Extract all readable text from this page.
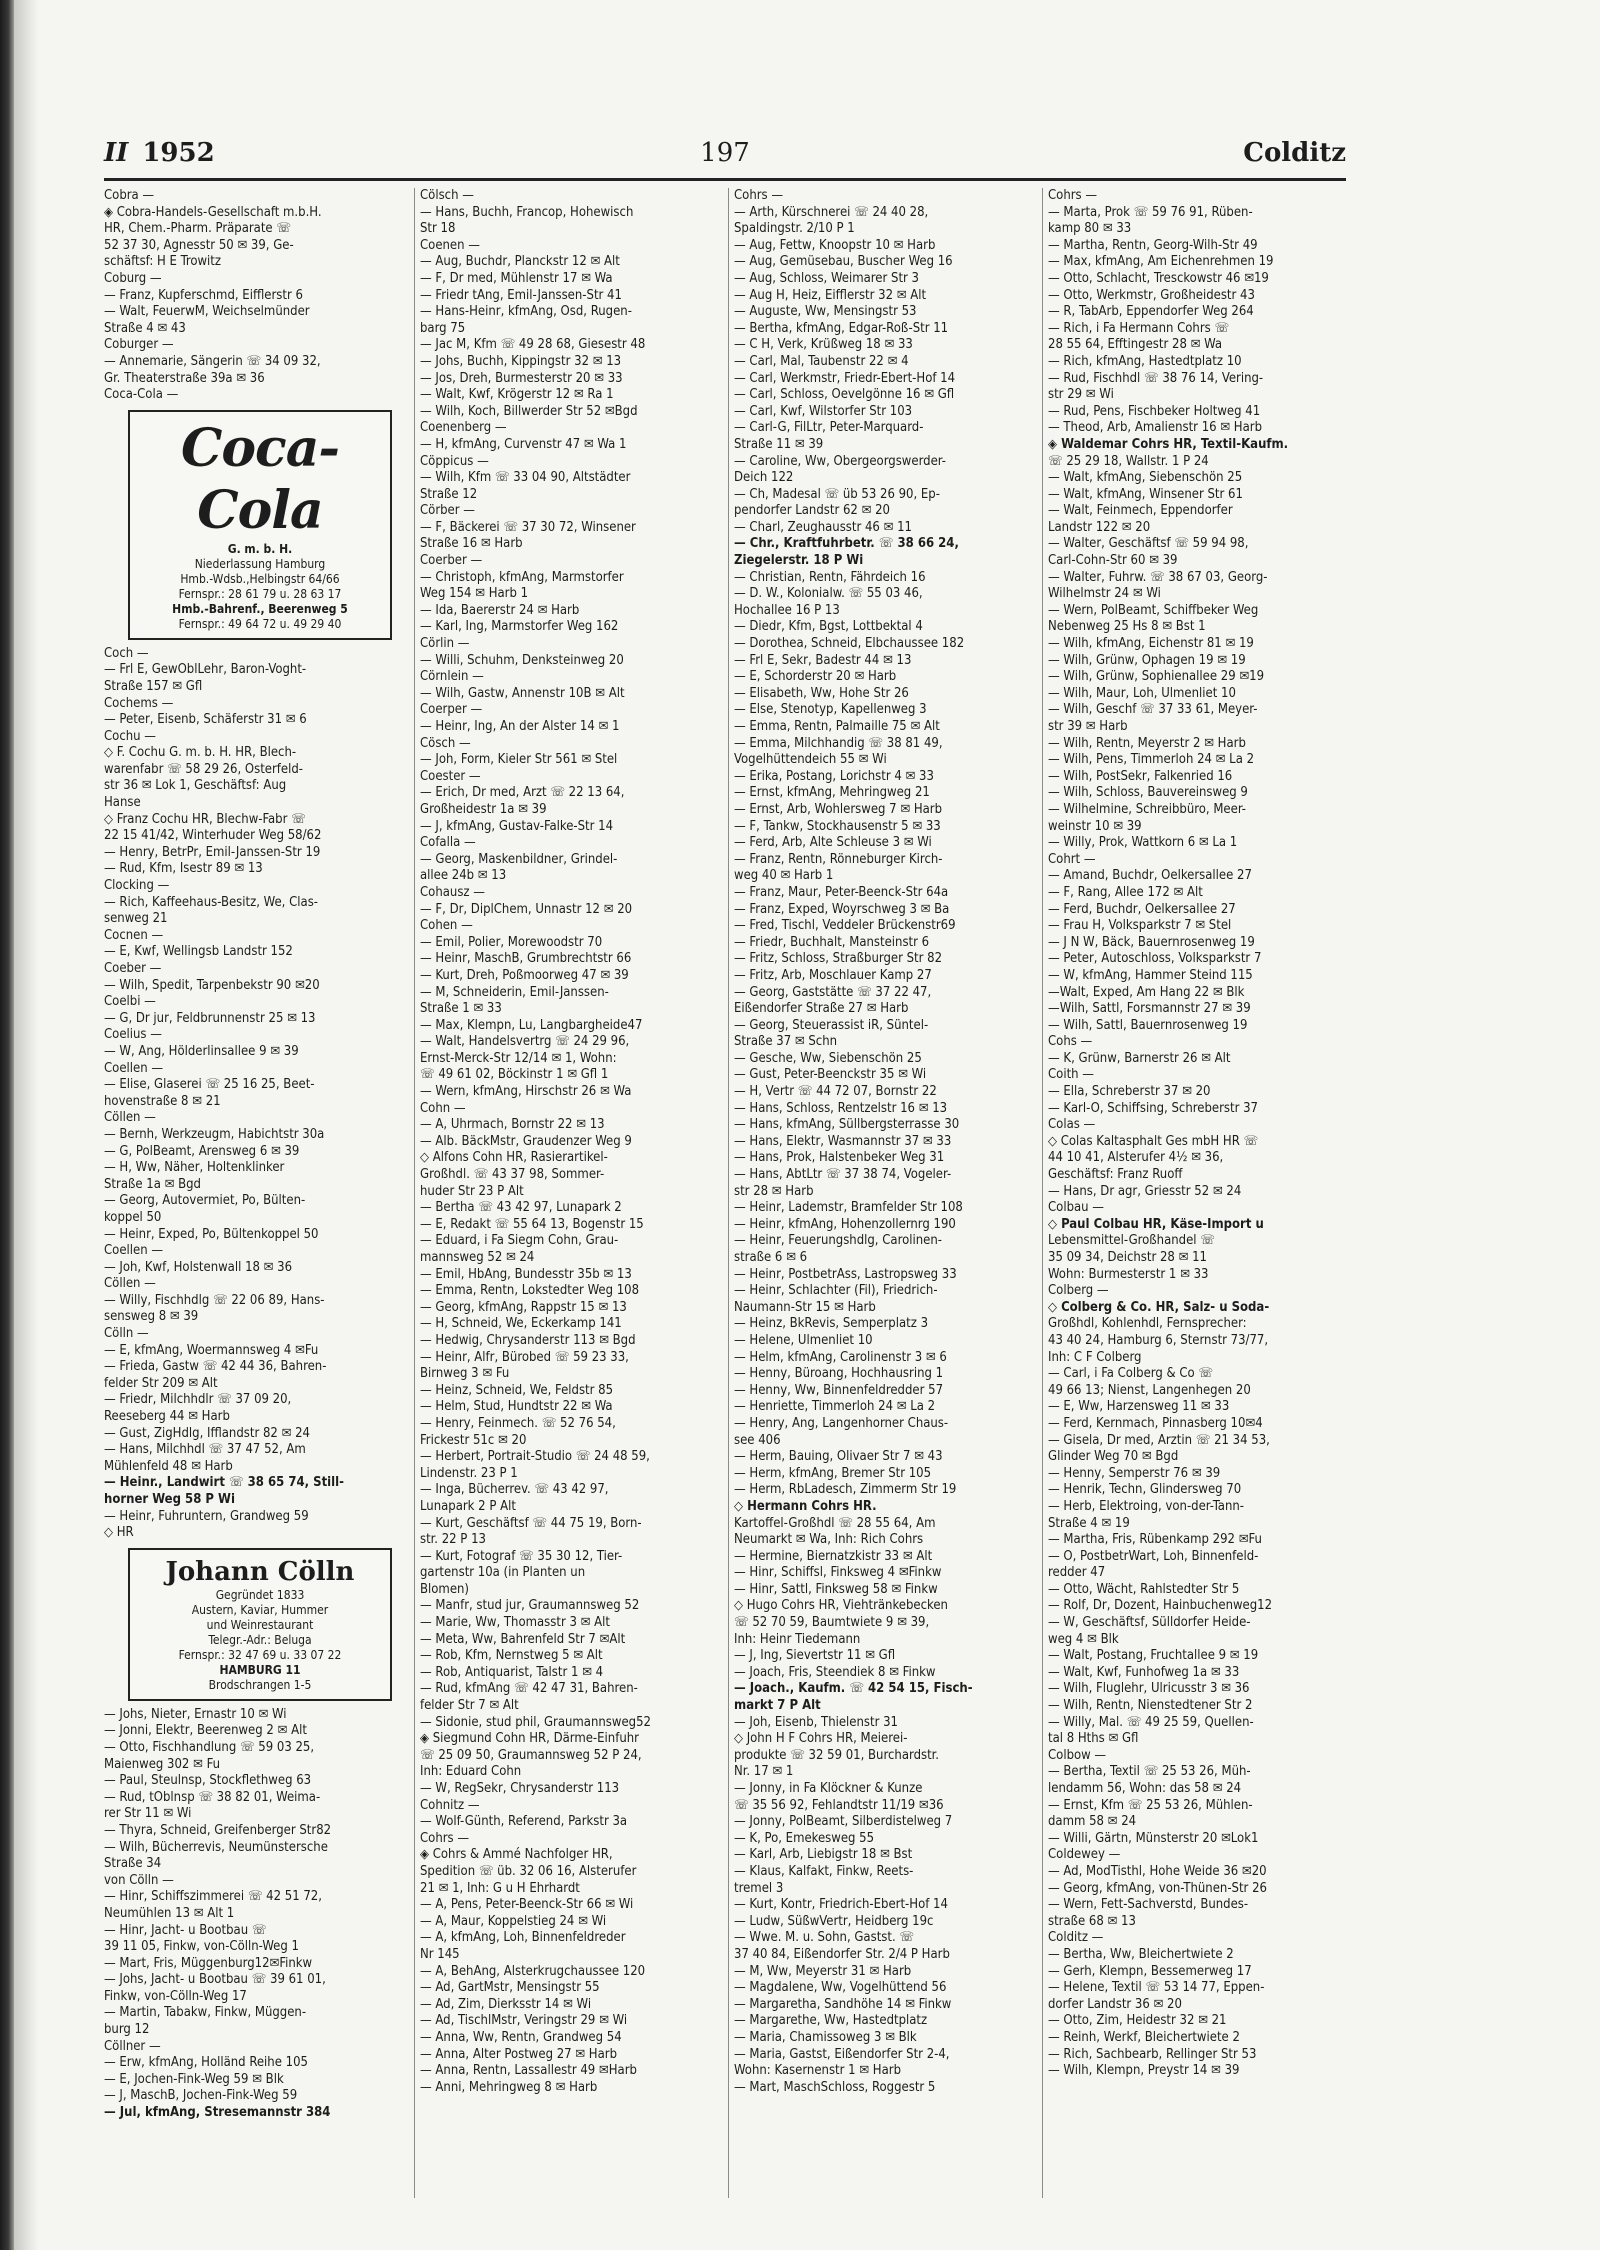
II 1952	197	Colditz
Cobra —
◈ Cobra-Handels-Gesellschaft m.b.H.
HR, Chem.-Pharm. Präparate ☏
52 37 30, Agnesstr 50 ✉ 39, Ge-
schäftsf: H E Trowitz
Coburg —
— Franz, Kupferschmd, Eifflerstr 6
— Walt, FeuerwM, Weichselmünder
Straße 4 ✉ 43
Coburger —
— Annemarie, Sängerin ☏ 34 09 32,
Gr. Theaterstraße 39a ✉ 36
Coca-Cola —
Coca-Cola
G. m. b. H.
Niederlassung Hamburg
Hmb.-Wdsb.,Helbingstr 64/66
Fernspr.: 28 61 79 u. 28 63 17
Hmb.-Bahrenf., Beerenweg 5
Fernspr.: 49 64 72 u. 49 29 40
Coch —
— Frl E, GewOblLehr, Baron-Voght-
Straße 157 ✉ Gfl
Cochems —
— Peter, Eisenb, Schäferstr 31 ✉ 6
Cochu —
◇ F. Cochu G. m. b. H. HR, Blech-
warenfabr ☏ 58 29 26, Osterfeld-
str 36 ✉ Lok 1, Geschäftsf: Aug
Hanse
◇ Franz Cochu HR, Blechw-Fabr ☏
22 15 41/42, Winterhuder Weg 58/62
— Henry, BetrPr, Emil-Janssen-Str 19
— Rud, Kfm, Isestr 89 ✉ 13
Clocking —
— Rich, Kaffeehaus-Besitz, We, Clas-
senweg 21
Cocnen —
— E, Kwf, Wellingsb Landstr 152
Coeber —
— Wilh, Spedit, Tarpenbekstr 90 ✉20
Coelbi —
— G, Dr jur, Feldbrunnenstr 25 ✉ 13
Coelius —
— W, Ang, Hölderlinsallee 9 ✉ 39
Coellen —
— Elise, Glaserei ☏ 25 16 25, Beet-
hovenstraße 8 ✉ 21
Cöllen —
— Bernh, Werkzeugm, Habichtstr 30a
— G, PolBeamt, Arensweg 6 ✉ 39
— H, Ww, Näher, Holtenklinker
Straße 1a ✉ Bgd
— Georg, Autovermiet, Po, Bülten-
koppel 50
— Heinr, Exped, Po, Bültenkoppel 50
Coellen —
— Joh, Kwf, Holstenwall 18 ✉ 36
Cöllen —
— Willy, Fischhdlg ☏ 22 06 89, Hans-
sensweg 8 ✉ 39
Cölln —
— E, kfmAng, Woermannsweg 4 ✉Fu
— Frieda, Gastw ☏ 42 44 36, Bahren-
felder Str 209 ✉ Alt
— Friedr, Milchhdlr ☏ 37 09 20,
Reeseberg 44 ✉ Harb
— Gust, ZigHdlg, Ifflandstr 82 ✉ 24
— Hans, Milchhdl ☏ 37 47 52, Am
Mühlenfeld 48 ✉ Harb
— Heinr., Landwirt ☏ 38 65 74, Still-
horner Weg 58 P Wi
— Heinr, Fuhruntern, Grandweg 59
◇ HR
Johann Cölln
Gegründet 1833
Austern, Kaviar, Hummer
und Weinrestaurant
Telegr.-Adr.: Beluga
Fernspr.: 32 47 69 u. 33 07 22
HAMBURG 11
Brodschrangen 1-5
— Johs, Nieter, Ernastr 10 ✉ Wi
— Jonni, Elektr, Beerenweg 2 ✉ Alt
— Otto, Fischhandlung ☏ 59 03 25,
Maienweg 302 ✉ Fu
— Paul, Steulnsp, Stockflethweg 63
— Rud, tOblnsp ☏ 38 82 01, Weima-
rer Str 11 ✉ Wi
— Thyra, Schneid, Greifenberger Str82
— Wilh, Bücherrevis, Neumünstersche
Straße 34
von Cölln —
— Hinr, Schiffszimmerei ☏ 42 51 72,
Neumühlen 13 ✉ Alt 1
— Hinr, Jacht- u Bootbau ☏
39 11 05, Finkw, von-Cölln-Weg 1
— Mart, Fris, Müggenburg12✉Finkw
— Johs, Jacht- u Bootbau ☏ 39 61 01,
Finkw, von-Cölln-Weg 17
— Martin, Tabakw, Finkw, Müggen-
burg 12
Cöllner —
— Erw, kfmAng, Holländ Reihe 105
— E, Jochen-Fink-Weg 59 ✉ Blk
— J, MaschB, Jochen-Fink-Weg 59
— Jul, kfmAng, Stresemannstr 384
Cölsch —
— Hans, Buchh, Francop, Hohewisch
Str 18
Coenen —
— Aug, Buchdr, Planckstr 12 ✉ Alt
— F, Dr med, Mühlenstr 17 ✉ Wa
— Friedr tAng, Emil-Janssen-Str 41
— Hans-Heinr, kfmAng, Osd, Rugen-
barg 75
— Jac M, Kfm ☏ 49 28 68, Giesestr 48
— Johs, Buchh, Kippingstr 32 ✉ 13
— Jos, Dreh, Burmesterstr 20 ✉ 33
— Walt, Kwf, Krögerstr 12 ✉ Ra 1
— Wilh, Koch, Billwerder Str 52 ✉Bgd
Coenenberg —
— H, kfmAng, Curvenstr 47 ✉ Wa 1
Cöppicus —
— Wilh, Kfm ☏ 33 04 90, Altstädter
Straße 12
Cörber —
— F, Bäckerei ☏ 37 30 72, Winsener
Straße 16 ✉ Harb
Coerber —
— Christoph, kfmAng, Marmstorfer
Weg 154 ✉ Harb 1
— Ida, Baererstr 24 ✉ Harb
— Karl, Ing, Marmstorfer Weg 162
Cörlin —
— Willi, Schuhm, Denksteinweg 20
Cörnlein —
— Wilh, Gastw, Annenstr 10B ✉ Alt
Coerper —
— Heinr, Ing, An der Alster 14 ✉ 1
Cösch —
— Joh, Form, Kieler Str 561 ✉ Stel
Coester —
— Erich, Dr med, Arzt ☏ 22 13 64,
Großheidestr 1a ✉ 39
— J, kfmAng, Gustav-Falke-Str 14
Cofalla —
— Georg, Maskenbildner, Grindel-
allee 24b ✉ 13
Cohausz —
— F, Dr, DiplChem, Unnastr 12 ✉ 20
Cohen —
— Emil, Polier, Morewoodstr 70
— Heinr, MaschB, Grumbrechtstr 66
— Kurt, Dreh, Poßmoorweg 47 ✉ 39
— M, Schneiderin, Emil-Janssen-
Straße 1 ✉ 33
— Max, Klempn, Lu, Langbargheide47
— Walt, Handelsvertrg ☏ 24 29 96,
Ernst-Merck-Str 12/14 ✉ 1, Wohn:
☏ 49 61 02, Böckinstr 1 ✉ Gfl 1
— Wern, kfmAng, Hirschstr 26 ✉ Wa
Cohn —
— A, Uhrmach, Bornstr 22 ✉ 13
— Alb. BäckMstr, Graudenzer Weg 9
◇ Alfons Cohn HR, Rasierartikel-
Großhdl. ☏ 43 37 98, Sommer-
huder Str 23 P Alt
— Bertha ☏ 43 42 97, Lunapark 2
— E, Redakt ☏ 55 64 13, Bogenstr 15
— Eduard, i Fa Siegm Cohn, Grau-
mannsweg 52 ✉ 24
— Emil, HbAng, Bundesstr 35b ✉ 13
— Emma, Rentn, Lokstedter Weg 108
— Georg, kfmAng, Rappstr 15 ✉ 13
— H, Schneid, We, Eckerkamp 141
— Hedwig, Chrysanderstr 113 ✉ Bgd
— Heinr, Alfr, Bürobed ☏ 59 23 33,
Birnweg 3 ✉ Fu
— Heinz, Schneid, We, Feldstr 85
— Helm, Stud, Hundtstr 22 ✉ Wa
— Henry, Feinmech. ☏ 52 76 54,
Frickestr 51c ✉ 20
— Herbert, Portrait-Studio ☏ 24 48 59,
Lindenstr. 23 P 1
— Inga, Bücherrev. ☏ 43 42 97,
Lunapark 2 P Alt
— Kurt, Geschäftsf ☏ 44 75 19, Born-
str. 22 P 13
— Kurt, Fotograf ☏ 35 30 12, Tier-
gartenstr 10a (in Planten un
Blomen)
— Manfr, stud jur, Graumannsweg 52
— Marie, Ww, Thomasstr 3 ✉ Alt
— Meta, Ww, Bahrenfeld Str 7 ✉Alt
— Rob, Kfm, Nernstweg 5 ✉ Alt
— Rob, Antiquarist, Talstr 1 ✉ 4
— Rud, kfmAng ☏ 42 47 31, Bahren-
felder Str 7 ✉ Alt
— Sidonie, stud phil, Graumannsweg52
◈ Siegmund Cohn HR, Därme-Einfuhr
☏ 25 09 50, Graumannsweg 52 P 24,
Inh: Eduard Cohn
— W, RegSekr, Chrysanderstr 113
Cohnitz —
— Wolf-Günth, Referend, Parkstr 3a
Cohrs —
◈ Cohrs & Ammé Nachfolger HR,
Spedition ☏ üb. 32 06 16, Alsterufer
21 ✉ 1, Inh: G u H Ehrhardt
— A, Pens, Peter-Beenck-Str 66 ✉ Wi
— A, Maur, Koppelstieg 24 ✉ Wi
— A, kfmAng, Loh, Binnenfeldreder
Nr 145
— A, BehAng, Alsterkrugchaussee 120
— Ad, GartMstr, Mensingstr 55
— Ad, Zim, Dierksstr 14 ✉ Wi
— Ad, TischlMstr, Veringstr 29 ✉ Wi
— Anna, Ww, Rentn, Grandweg 54
— Anna, Alter Postweg 27 ✉ Harb
— Anna, Rentn, Lassallestr 49 ✉Harb
— Anni, Mehringweg 8 ✉ Harb
Cohrs —
— Arth, Kürschnerei ☏ 24 40 28,
Spaldingstr. 2/10 P 1
— Aug, Fettw, Knoopstr 10 ✉ Harb
— Aug, Gemüsebau, Buscher Weg 16
— Aug, Schloss, Weimarer Str 3
— Aug H, Heiz, Eifflerstr 32 ✉ Alt
— Auguste, Ww, Mensingstr 53
— Bertha, kfmAng, Edgar-Roß-Str 11
— C H, Verk, Krüßweg 18 ✉ 33
— Carl, Mal, Taubenstr 22 ✉ 4
— Carl, Werkmstr, Friedr-Ebert-Hof 14
— Carl, Schloss, Oevelgönne 16 ✉ Gfl
— Carl, Kwf, Wilstorfer Str 103
— Carl-G, FilLtr, Peter-Marquard-
Straße 11 ✉ 39
— Caroline, Ww, Obergeorgswerder-
Deich 122
— Ch, Madesal ☏ üb 53 26 90, Ep-
pendorfer Landstr 62 ✉ 20
— Charl, Zeughausstr 46 ✉ 11
— Chr., Kraftfuhrbetr. ☏ 38 66 24,
Ziegelerstr. 18 P Wi
— Christian, Rentn, Fährdeich 16
— D. W., Kolonialw. ☏ 55 03 46,
Hochallee 16 P 13
— Diedr, Kfm, Bgst, Lottbektal 4
— Dorothea, Schneid, Elbchaussee 182
— Frl E, Sekr, Badestr 44 ✉ 13
— E, Schorderstr 20 ✉ Harb
— Elisabeth, Ww, Hohe Str 26
— Else, Stenotyp, Kapellenweg 3
— Emma, Rentn, Palmaille 75 ✉ Alt
— Emma, Milchhandig ☏ 38 81 49,
Vogelhüttendeich 55 ✉ Wi
— Erika, Postang, Lorichstr 4 ✉ 33
— Ernst, kfmAng, Mehringweg 21
— Ernst, Arb, Wohlersweg 7 ✉ Harb
— F, Tankw, Stockhausenstr 5 ✉ 33
— Ferd, Arb, Alte Schleuse 3 ✉ Wi
— Franz, Rentn, Rönneburger Kirch-
weg 40 ✉ Harb 1
— Franz, Maur, Peter-Beenck-Str 64a
— Franz, Exped, Woyrschweg 3 ✉ Ba
— Fred, Tischl, Veddeler Brückenstr69
— Friedr, Buchhalt, Mansteinstr 6
— Fritz, Schloss, Straßburger Str 82
— Fritz, Arb, Moschlauer Kamp 27
— Georg, Gaststätte ☏ 37 22 47,
Eißendorfer Straße 27 ✉ Harb
— Georg, Steuerassist iR, Süntel-
Straße 37 ✉ Schn
— Gesche, Ww, Siebenschön 25
— Gust, Peter-Beenckstr 35 ✉ Wi
— H, Vertr ☏ 44 72 07, Bornstr 22
— Hans, Schloss, Rentzelstr 16 ✉ 13
— Hans, kfmAng, Süllbergsterrasse 30
— Hans, Elektr, Wasmannstr 37 ✉ 33
— Hans, Prok, Halstenbeker Weg 31
— Hans, AbtLtr ☏ 37 38 74, Vogeler-
str 28 ✉ Harb
— Heinr, Lademstr, Bramfelder Str 108
— Heinr, kfmAng, Hohenzollernrg 190
— Heinr, Feuerungshdlg, Carolinen-
straße 6 ✉ 6
— Heinr, PostbetrAss, Lastropsweg 33
— Heinr, Schlachter (Fil), Friedrich-
Naumann-Str 15 ✉ Harb
— Heinz, BkRevis, Semperplatz 3
— Helene, Ulmenliet 10
— Helm, kfmAng, Carolinenstr 3 ✉ 6
— Henny, Büroang, Hochhausring 1
— Henny, Ww, Binnenfeldredder 57
— Henriette, Timmerloh 24 ✉ La 2
— Henry, Ang, Langenhorner Chaus-
see 406
— Herm, Bauing, Olivaer Str 7 ✉ 43
— Herm, kfmAng, Bremer Str 105
— Herm, RbLadesch, Zimmerm Str 19
◇ Hermann Cohrs HR.
Kartoffel-Großhdl ☏ 28 55 64, Am
Neumarkt ✉ Wa, Inh: Rich Cohrs
— Hermine, Biernatzkistr 33 ✉ Alt
— Hinr, Schiffsl, Finksweg 4 ✉Finkw
— Hinr, Sattl, Finksweg 58 ✉ Finkw
◇ Hugo Cohrs HR, Viehtränkebecken
☏ 52 70 59, Baumtwiete 9 ✉ 39,
Inh: Heinr Tiedemann
— J, Ing, Sievertstr 11 ✉ Gfl
— Joach, Fris, Steendiek 8 ✉ Finkw
— Joach., Kaufm. ☏ 42 54 15, Fisch-
markt 7 P Alt
— Joh, Eisenb, Thielenstr 31
◇ John H F Cohrs HR, Meierei-
produkte ☏ 32 59 01, Burchardstr.
Nr. 17 ✉ 1
— Jonny, in Fa Klöckner & Kunze
☏ 35 56 92, Fehlandtstr 11/19 ✉36
— Jonny, PolBeamt, Silberdistelweg 7
— K, Po, Emekesweg 55
— Karl, Arb, Liebigstr 18 ✉ Bst
— Klaus, Kalfakt, Finkw, Reets-
tremel 3
— Kurt, Kontr, Friedrich-Ebert-Hof 14
— Ludw, SüßwVertr, Heidberg 19c
— Wwe. M. u. Sohn, Gastst. ☏
37 40 84, Eißendorfer Str. 2/4 P Harb
— M, Ww, Meyerstr 31 ✉ Harb
— Magdalene, Ww, Vogelhüttend 56
— Margaretha, Sandhöhe 14 ✉ Finkw
— Margarethe, Ww, Hastedtplatz
— Maria, Chamissoweg 3 ✉ Blk
— Maria, Gastst, Eißendorfer Str 2-4,
Wohn: Kasernenstr 1 ✉ Harb
— Mart, MaschSchloss, Roggestr 5
Cohrs —
— Marta, Prok ☏ 59 76 91, Rüben-
kamp 80 ✉ 33
— Martha, Rentn, Georg-Wilh-Str 49
— Max, kfmAng, Am Eichenrehmen 19
— Otto, Schlacht, Tresckowstr 46 ✉19
— Otto, Werkmstr, Großheidestr 43
— R, TabArb, Eppendorfer Weg 264
— Rich, i Fa Hermann Cohrs ☏
28 55 64, Efftingestr 28 ✉ Wa
— Rich, kfmAng, Hastedtplatz 10
— Rud, Fischhdl ☏ 38 76 14, Vering-
str 29 ✉ Wi
— Rud, Pens, Fischbeker Holtweg 41
— Theod, Arb, Amalienstr 16 ✉ Harb
◈ Waldemar Cohrs HR, Textil-Kaufm.
☏ 25 29 18, Wallstr. 1 P 24
— Walt, kfmAng, Siebenschön 25
— Walt, kfmAng, Winsener Str 61
— Walt, Feinmech, Eppendorfer
Landstr 122 ✉ 20
— Walter, Geschäftsf ☏ 59 94 98,
Carl-Cohn-Str 60 ✉ 39
— Walter, Fuhrw. ☏ 38 67 03, Georg-
Wilhelmstr 24 ✉ Wi
— Wern, PolBeamt, Schiffbeker Weg
Nebenweg 25 Hs 8 ✉ Bst 1
— Wilh, kfmAng, Eichenstr 81 ✉ 19
— Wilh, Grünw, Ophagen 19 ✉ 19
— Wilh, Grünw, Sophienallee 29 ✉19
— Wilh, Maur, Loh, Ulmenliet 10
— Wilh, Geschf ☏ 37 33 61, Meyer-
str 39 ✉ Harb
— Wilh, Rentn, Meyerstr 2 ✉ Harb
— Wilh, Pens, Timmerloh 24 ✉ La 2
— Wilh, PostSekr, Falkenried 16
— Wilh, Schloss, Bauvereinsweg 9
— Wilhelmine, Schreibbüro, Meer-
weinstr 10 ✉ 39
— Willy, Prok, Wattkorn 6 ✉ La 1
Cohrt —
— Amand, Buchdr, Oelkersallee 27
— F, Rang, Allee 172 ✉ Alt
— Ferd, Buchdr, Oelkersallee 27
— Frau H, Volksparkstr 7 ✉ Stel
— J N W, Bäck, Bauernrosenweg 19
— Peter, Autoschloss, Volksparkstr 7
— W, kfmAng, Hammer Steind 115
—Walt, Exped, Am Hang 22 ✉ Blk
—Wilh, Sattl, Forsmannstr 27 ✉ 39
— Wilh, Sattl, Bauernrosenweg 19
Cohs —
— K, Grünw, Barnerstr 26 ✉ Alt
Coith —
— Ella, Schreberstr 37 ✉ 20
— Karl-O, Schiffsing, Schreberstr 37
Colas —
◇ Colas Kaltasphalt Ges mbH HR ☏
44 10 41, Alsterufer 4½ ✉ 36,
Geschäftsf: Franz Ruoff
— Hans, Dr agr, Griesstr 52 ✉ 24
Colbau —
◇ Paul Colbau HR, Käse-Import u
Lebensmittel-Großhandel ☏
35 09 34, Deichstr 28 ✉ 11
Wohn: Burmesterstr 1 ✉ 33
Colberg —
◇ Colberg & Co. HR, Salz- u Soda-
Großhdl, Kohlenhdl, Fernsprecher:
43 40 24, Hamburg 6, Sternstr 73/77,
Inh: C F Colberg
— Carl, i Fa Colberg & Co ☏
49 66 13; Nienst, Langenhegen 20
— E, Ww, Harzensweg 11 ✉ 33
— Ferd, Kernmach, Pinnasberg 10✉4
— Gisela, Dr med, Ärztin ☏ 21 34 53,
Glinder Weg 70 ✉ Bgd
— Henny, Semperstr 76 ✉ 39
— Henrik, Techn, Glindersweg 70
— Herb, Elektroing, von-der-Tann-
Straße 4 ✉ 19
— Martha, Fris, Rübenkamp 292 ✉Fu
— O, PostbetrWart, Loh, Binnenfeld-
redder 47
— Otto, Wächt, Rahlstedter Str 5
— Rolf, Dr, Dozent, Hainbuchenweg12
— W, Geschäftsf, Sülldorfer Heide-
weg 4 ✉ Blk
— Walt, Postang, Fruchtallee 9 ✉ 19
— Walt, Kwf, Funhofweg 1a ✉ 33
— Wilh, Fluglehr, Ulricusstr 3 ✉ 36
— Wilh, Rentn, Nienstedtener Str 2
— Willy, Mal. ☏ 49 25 59, Quellen-
tal 8 Hths ✉ Gfl
Colbow —
— Bertha, Textil ☏ 25 53 26, Müh-
lendamm 56, Wohn: das 58 ✉ 24
— Ernst, Kfm ☏ 25 53 26, Mühlen-
damm 58 ✉ 24
— Willi, Gärtn, Münsterstr 20 ✉Lok1
Coldewey —
— Ad, ModTisthl, Hohe Weide 36 ✉20
— Georg, kfmAng, von-Thünen-Str 26
— Wern, Fett-Sachverstd, Bundes-
straße 68 ✉ 13
Colditz —
— Bertha, Ww, Bleichertwiete 2
— Gerh, Klempn, Bessemerweg 17
— Helene, Textil ☏ 53 14 77, Eppen-
dorfer Landstr 36 ✉ 20
— Otto, Zim, Heidestr 32 ✉ 21
— Reinh, Werkf, Bleichertwiete 2
— Rich, Sachbearb, Rellinger Str 53
— Wilh, Klempn, Preystr 14 ✉ 39
